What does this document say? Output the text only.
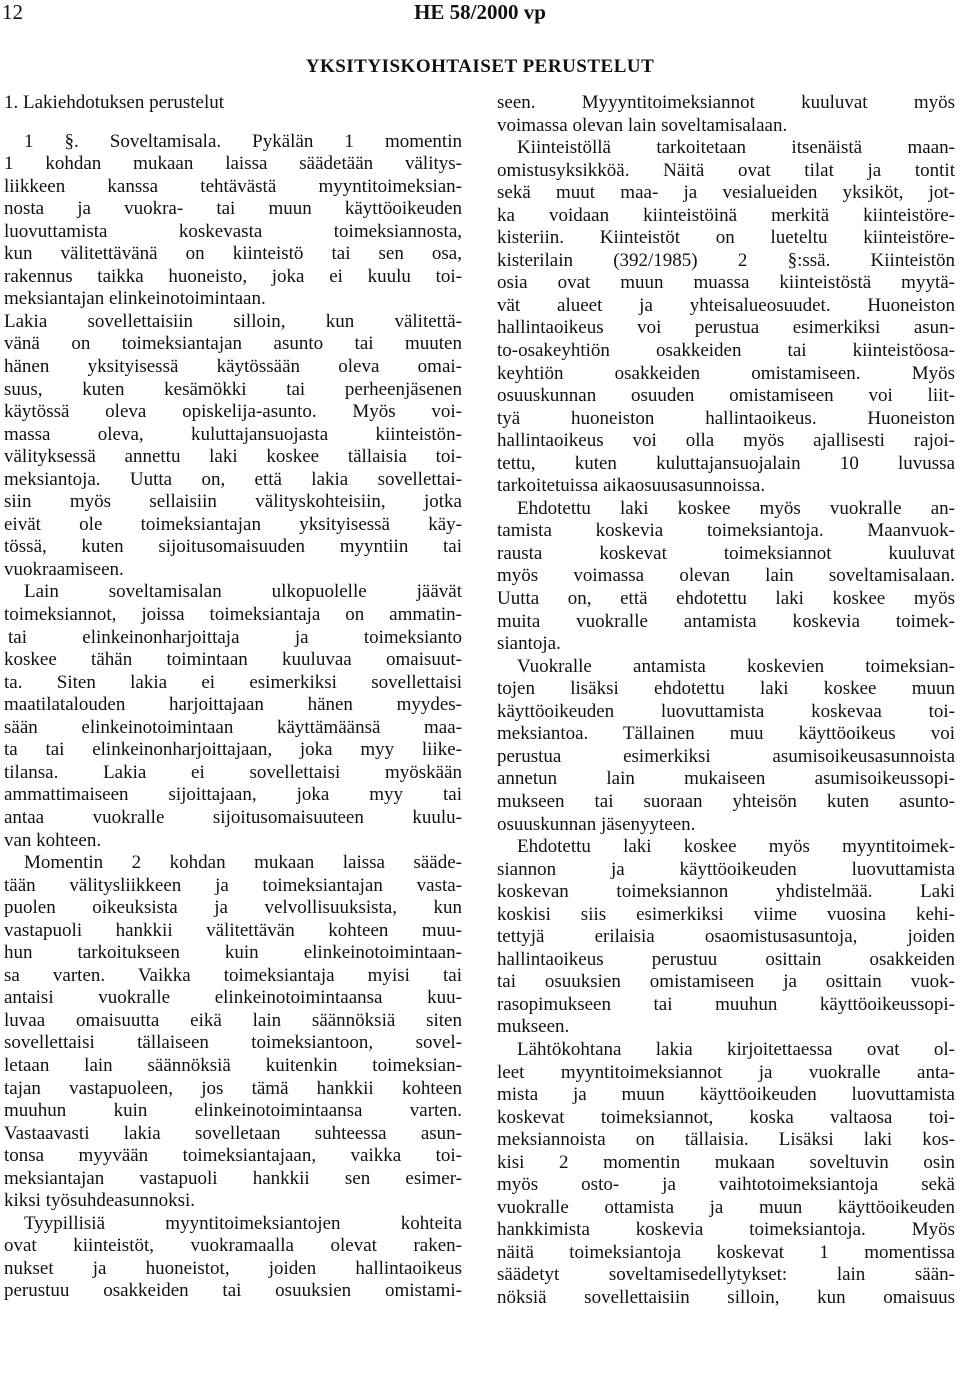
12	HE 58/2000 vp
YKSITYISKOHTAISET PERUSTELUT
1. Lakiehdotuksen perustelut
1 §. Soveltamisala. Pykälän 1 momentin
1 kohdan mukaan laissa säädetään välitys-
liikkeen kanssa tehtävästä myyntitoimeksian-
nosta ja vuokra- tai muun käyttöoikeuden
luovuttamista koskevasta toimeksiannosta,
kun välitettävänä on kiinteistö tai sen osa,
rakennus taikka huoneisto, joka ei kuulu toi-
meksiantajan elinkeinotoimintaan.
Lakia sovellettaisiin silloin, kun välitettä-
vänä on toimeksiantajan asunto tai muuten
hänen yksityisessä käytössään oleva omai-
suus, kuten kesämökki tai perheenjäsenen
käytössä oleva opiskelija-asunto. Myös voi-
massa oleva, kuluttajansuojasta kiinteistön-
välityksessä annettu laki koskee tällaisia toi-
meksiantoja. Uutta on, että lakia sovellettai-
siin myös sellaisiin välityskohteisiin, jotka
eivät ole toimeksiantajan yksityisessä käy-
tössä, kuten sijoitusomaisuuden myyntiin tai
vuokraamiseen.
Lain soveltamisalan ulkopuolelle jäävät
toimeksiannot, joissa toimeksiantaja on ammatin-
tai elinkeinonharjoittaja ja toimeksianto
koskee tähän toimintaan kuuluvaa omaisuut-
ta. Siten lakia ei esimerkiksi sovellettaisi
maatilatalouden harjoittajaan hänen myydes-
sään elinkeinotoimintaan käyttämäänsä maa-
ta tai elinkeinonharjoittajaan, joka myy liike-
tilansa. Lakia ei sovellettaisi myöskään
ammattimaiseen sijoittajaan, joka myy tai
antaa vuokralle sijoitusomaisuuteen kuulu-
van kohteen.
Momentin 2 kohdan mukaan laissa sääde-
tään välitysliikkeen ja toimeksiantajan vasta-
puolen oikeuksista ja velvollisuuksista, kun
vastapuoli hankkii välitettävän kohteen muu-
hun tarkoitukseen kuin elinkeinotoimintaan-
sa varten. Vaikka toimeksiantaja myisi tai
antaisi vuokralle elinkeinotoimintaansa kuu-
luvaa omaisuutta eikä lain säännöksiä siten
sovellettaisi tällaiseen toimeksiantoon, sovel-
letaan lain säännöksiä kuitenkin toimeksian-
tajan vastapuoleen, jos tämä hankkii kohteen
muuhun kuin elinkeinotoimintaansa varten.
Vastaavasti lakia sovelletaan suhteessa asun-
tonsa myyvään toimeksiantajaan, vaikka toi-
meksiantajan vastapuoli hankkii sen esimer-
kiksi työsuhdeasunnoksi.
Tyypillisiä myyntitoimeksiantojen kohteita
ovat kiinteistöt, vuokramaalla olevat raken-
nukset ja huoneistot, joiden hallintaoikeus
perustuu osakkeiden tai osuuksien omistami-
seen. Myyyntitoimeksiannot kuuluvat myös
voimassa olevan lain soveltamisalaan.
Kiinteistöllä tarkoitetaan itsenäistä maan-
omistusyksikköä. Näitä ovat tilat ja tontit
sekä muut maa- ja vesialueiden yksiköt, jot-
ka voidaan kiinteistöinä merkitä kiinteistöre-
kisteriin. Kiinteistöt on lueteltu kiinteistöre-
kisterilain (392/1985) 2 §:ssä. Kiinteistön
osia ovat muun muassa kiinteistöstä myytä-
vät alueet ja yhteisalueosuudet. Huoneiston
hallintaoikeus voi perustua esimerkiksi asun-
to-osakeyhtiön osakkeiden tai kiinteistöosa-
keyhtiön osakkeiden omistamiseen. Myös
osuuskunnan osuuden omistamiseen voi liit-
tyä huoneiston hallintaoikeus. Huoneiston
hallintaoikeus voi olla myös ajallisesti rajoi-
tettu, kuten kuluttajansuojalain 10 luvussa
tarkoitetuissa aikaosuusasunnoissa.
Ehdotettu laki koskee myös vuokralle an-
tamista koskevia toimeksiantoja. Maanvuok-
rausta koskevat toimeksiannot kuuluvat
myös voimassa olevan lain soveltamisalaan.
Uutta on, että ehdotettu laki koskee myös
muita vuokralle antamista koskevia toimek-
siantoja.
Vuokralle antamista koskevien toimeksian-
tojen lisäksi ehdotettu laki koskee muun
käyttöoikeuden luovuttamista koskevaa toi-
meksiantoa. Tällainen muu käyttöoikeus voi
perustua esimerkiksi asumisoikeusasunnoista
annetun lain mukaiseen asumisoikeussopi-
mukseen tai suoraan yhteisön kuten asunto-
osuuskunnan jäsenyyteen.
Ehdotettu laki koskee myös myyntitoimek-
siannon ja käyttöoikeuden luovuttamista
koskevan toimeksiannon yhdistelmää. Laki
koskisi siis esimerkiksi viime vuosina kehi-
tettyjä erilaisia osaomistusasuntoja, joiden
hallintaoikeus perustuu osittain osakkeiden
tai osuuksien omistamiseen ja osittain vuok-
rasopimukseen tai muuhun käyttöoikeussopi-
mukseen.
Lähtökohtana lakia kirjoitettaessa ovat ol-
leet myyntitoimeksiannot ja vuokralle anta-
mista ja muun käyttöoikeuden luovuttamista
koskevat toimeksiannot, koska valtaosa toi-
meksiannoista on tällaisia. Lisäksi laki kos-
kisi 2 momentin mukaan soveltuvin osin
myös osto- ja vaihtotoimeksiantoja sekä
vuokralle ottamista ja muun käyttöoikeuden
hankkimista koskevia toimeksiantoja. Myös
näitä toimeksiantoja koskevat 1 momentissa
säädetyt soveltamisedellytykset: lain sään-
nöksiä sovellettaisiin silloin, kun omaisuus
